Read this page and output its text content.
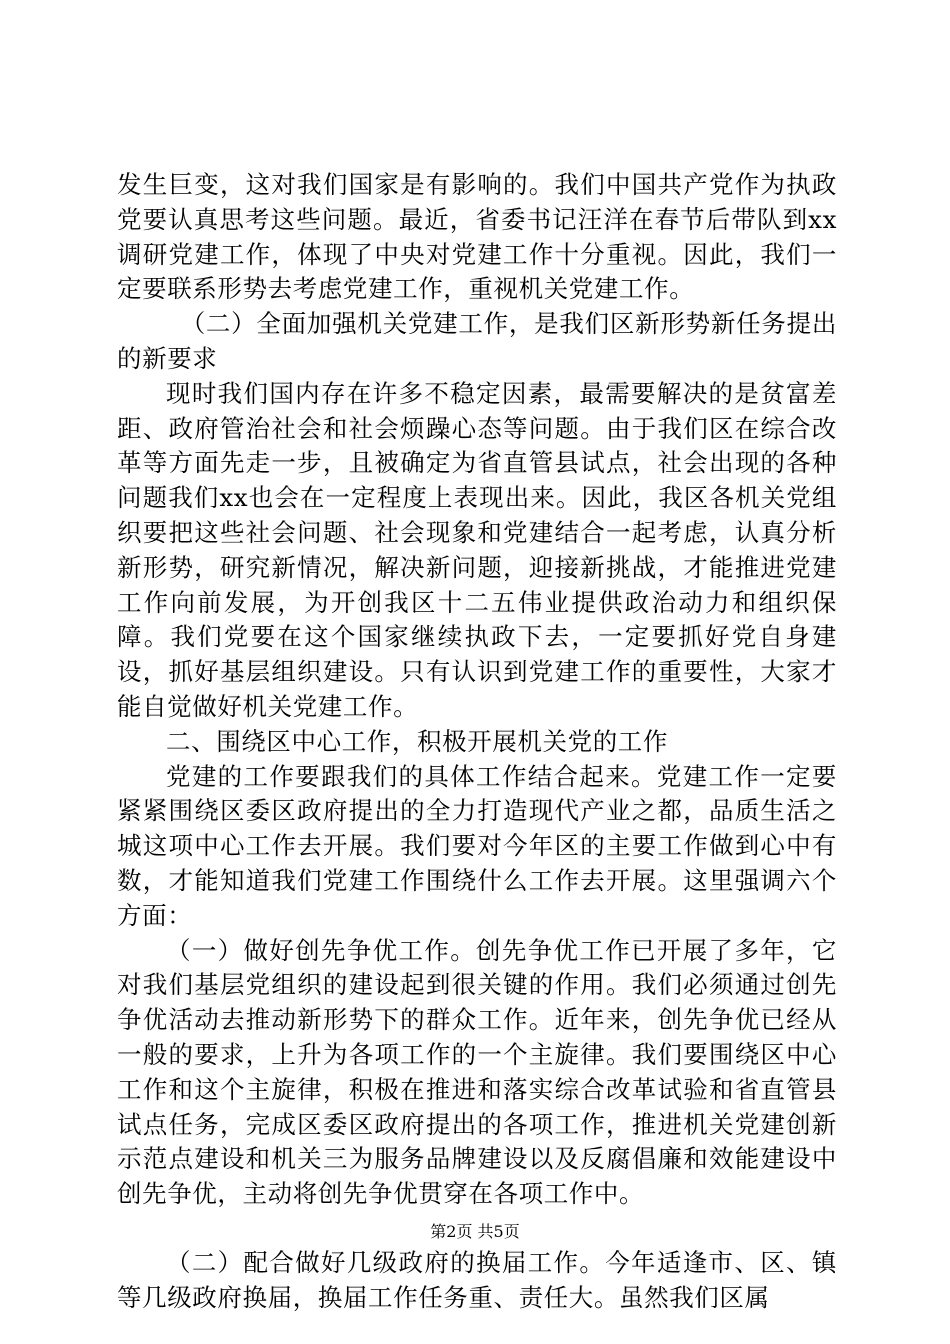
发生巨变，这对我们国家是有影响的。我们中国共产党作为执政党要认真思考这些问题。最近，省委书记汪洋在春节后带队到xx调研党建工作，体现了中央对党建工作十分重视。因此，我们一定要联系形势去考虑党建工作，重视机关党建工作。

（二）全面加强机关党建工作，是我们区新形势新任务提出的新要求

现时我们国内存在许多不稳定因素，最需要解决的是贫富差距、政府管治社会和社会烦躁心态等问题。由于我们区在综合改革等方面先走一步，且被确定为省直管县试点，社会出现的各种问题我们xx也会在一定程度上表现出来。因此，我区各机关党组织要把这些社会问题、社会现象和党建结合一起考虑，认真分析新形势，研究新情况，解决新问题，迎接新挑战，才能推进党建工作向前发展，为开创我区十二五伟业提供政治动力和组织保障。我们党要在这个国家继续执政下去，一定要抓好党自身建设，抓好基层组织建设。只有认识到党建工作的重要性，大家才能自觉做好机关党建工作。

二、围绕区中心工作，积极开展机关党的工作

党建的工作要跟我们的具体工作结合起来。党建工作一定要紧紧围绕区委区政府提出的全力打造现代产业之都，品质生活之城这项中心工作去开展。我们要对今年区的主要工作做到心中有数，才能知道我们党建工作围绕什么工作去开展。这里强调六个方面：

（一）做好创先争优工作。创先争优工作已开展了多年，它对我们基层党组织的建设起到很关键的作用。我们必须通过创先争优活动去推动新形势下的群众工作。近年来，创先争优已经从一般的要求，上升为各项工作的一个主旋律。我们要围绕区中心工作和这个主旋律，积极在推进和落实综合改革试验和省直管县试点任务，完成区委区政府提出的各项工作，推进机关党建创新示范点建设和机关三为服务品牌建设以及反腐倡廉和效能建设中创先争优，主动将创先争优贯穿在各项工作中。

（二）配合做好几级政府的换届工作。今年适逢市、区、镇等几级政府换届，换届工作任务重、责任大。虽然我们区属

第2页 共5页
